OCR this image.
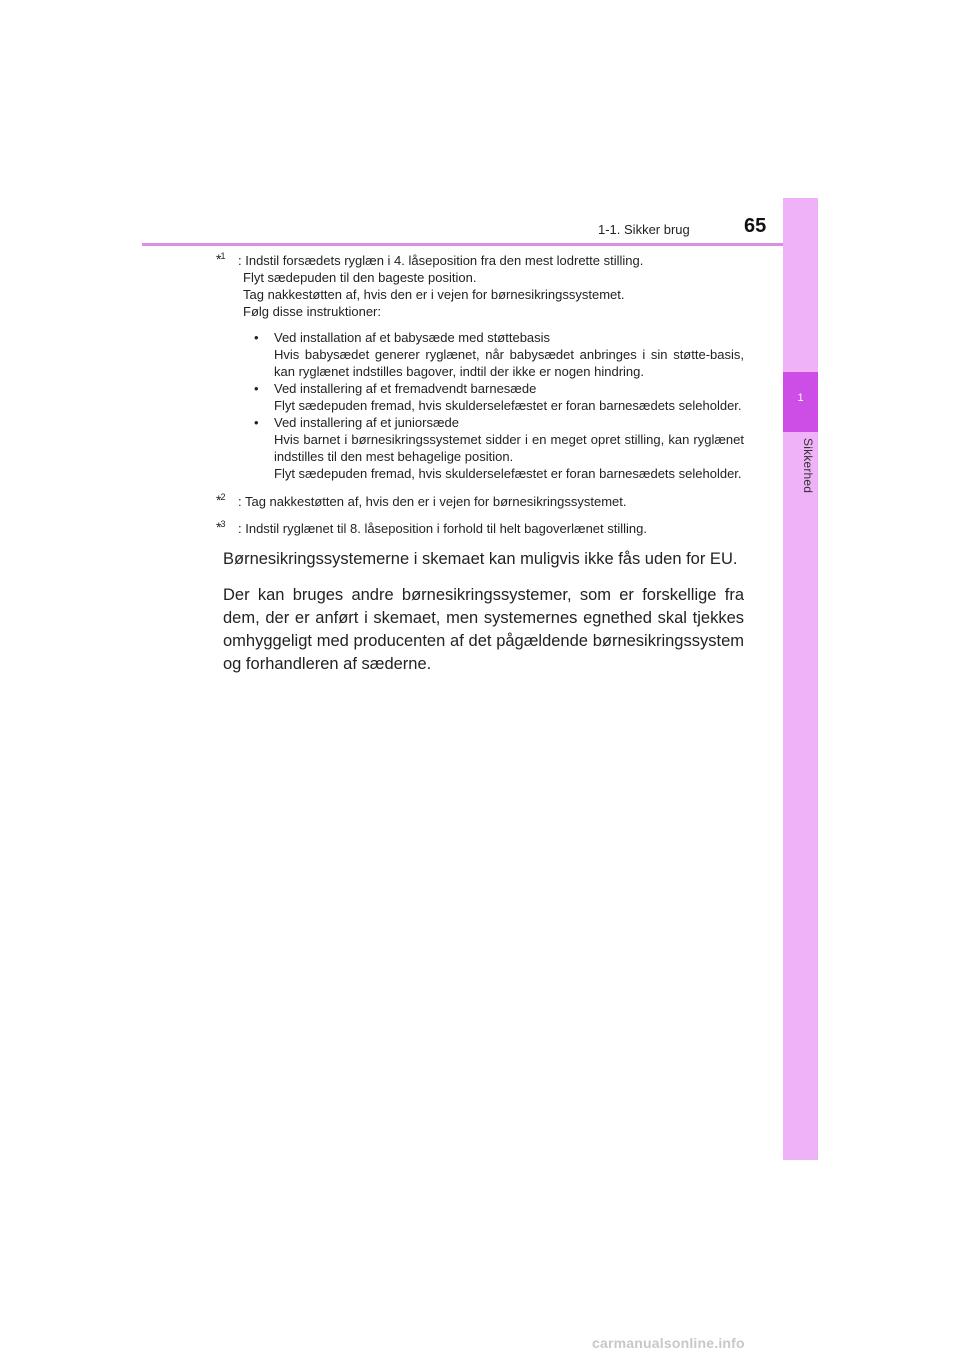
1-1. Sikker brug	65
1
Sikkerhed
*$^1$ : Indstil forsædets ryglæn i 4. låseposition fra den mest lodrette stilling.
Flyt sædepuden til den bageste position.
Tag nakkestøtten af, hvis den er i vejen for børnesikringssystemet.
Følg disse instruktioner:
• Ved installation af et babysæde med støttebasis
Hvis babysædet generer ryglænet, når babysædet anbringes i sin støtte-basis, kan ryglænet indstilles bagover, indtil der ikke er nogen hindring.
• Ved installering af et fremadvendt barnesæde
Flyt sædepuden fremad, hvis skulderselefæstet er foran barnesædets seleholder.
• Ved installering af et juniorsæde
Hvis barnet i børnesikringssystemet sidder i en meget opret stilling, kan ryglænet indstilles til den mest behagelige position.
Flyt sædepuden fremad, hvis skulderselefæstet er foran barnesædets seleholder.
*$^2$ : Tag nakkestøtten af, hvis den er i vejen for børnesikringssystemet.
*$^3$ : Indstil ryglænet til 8. låseposition i forhold til helt bagoverlænet stilling.

Børnesikringssystemerne i skemaet kan muligvis ikke fås uden for EU.

Der kan bruges andre børnesikringssystemer, som er forskellige fra dem, der er anført i skemaet, men systemernes egnethed skal tjekkes omhyggeligt med producenten af det pågældende børnesikringssystem og forhandleren af sæderne.

carmanualsonline.info
